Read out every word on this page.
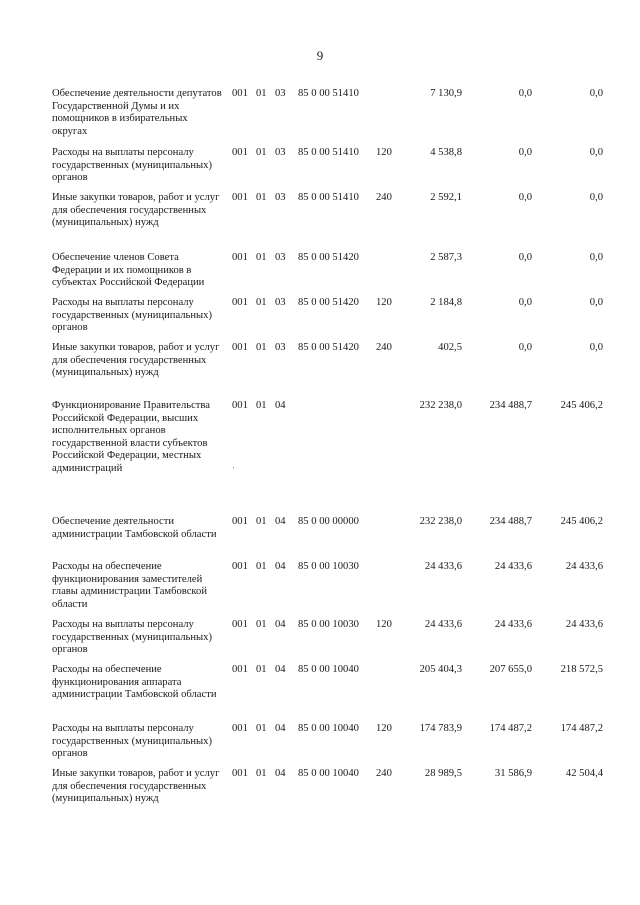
9
Обеспечение деятельности депутатов Государственной Думы и их помощников в избирательных округах
001 01 03 85 0 00 51410	7 130,9	0,0	0,0
Расходы на выплаты персоналу государственных (муниципальных) органов
001 01 03 85 0 00 51410 120	4 538,8	0,0	0,0
Иные закупки товаров, работ и услуг для обеспечения государственных (муниципальных) нужд
001 01 03 85 0 00 51410 240	2 592,1	0,0	0,0
Обеспечение членов Совета Федерации и их помощников в субъектах Российской Федерации
001 01 03 85 0 00 51420	2 587,3	0,0	0,0
Расходы на выплаты персоналу государственных (муниципальных) органов
001 01 03 85 0 00 51420 120	2 184,8	0,0	0,0
Иные закупки товаров, работ и услуг для обеспечения государственных (муниципальных) нужд
001 01 03 85 0 00 51420 240	402,5	0,0	0,0
Функционирование Правительства Российской Федерации, высших исполнительных органов государственной власти субъектов Российской Федерации, местных администраций
001 01 04	232 238,0	234 488,7	245 406,2
Обеспечение деятельности администрации Тамбовской области
001 01 04 85 0 00 00000	232 238,0	234 488,7	245 406,2
Расходы на обеспечение функционирования заместителей главы администрации Тамбовской области
001 01 04 85 0 00 10030	24 433,6	24 433,6	24 433,6
Расходы на выплаты персоналу государственных (муниципальных) органов
001 01 04 85 0 00 10030 120	24 433,6	24 433,6	24 433,6
Расходы на обеспечение функционирования аппарата администрации Тамбовской области
001 01 04 85 0 00 10040	205 404,3	207 655,0	218 572,5
Расходы на выплаты персоналу государственных (муниципальных) органов
001 01 04 85 0 00 10040 120	174 783,9	174 487,2	174 487,2
Иные закупки товаров, работ и услуг для обеспечения государственных (муниципальных) нужд
001 01 04 85 0 00 10040 240	28 989,5	31 586,9	42 504,4
